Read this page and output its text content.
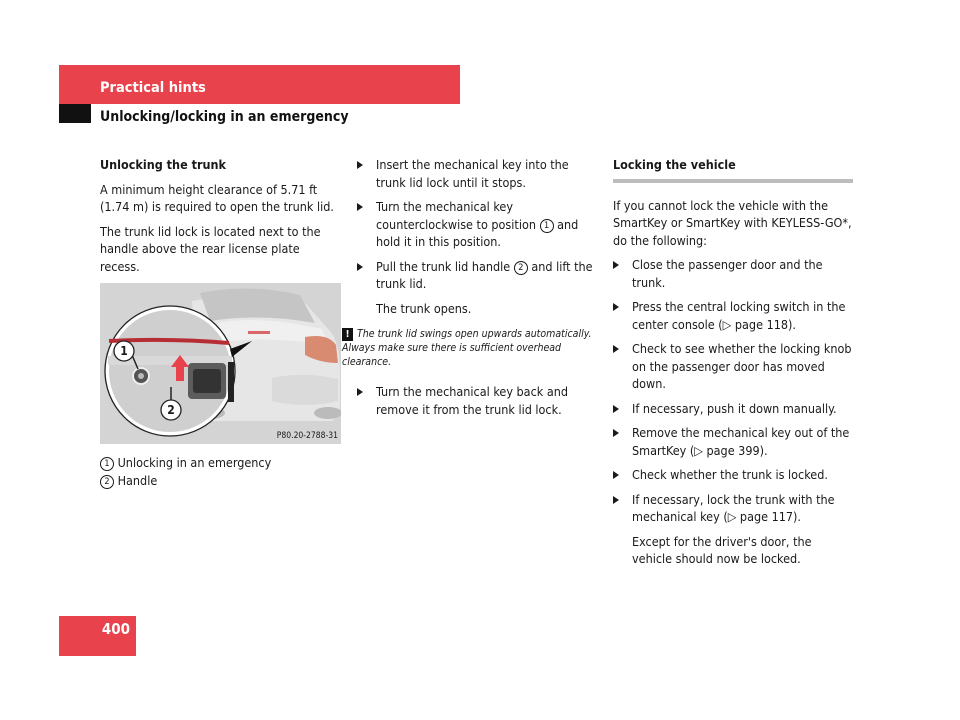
Practical hints
Unlocking/locking in an emergency
Unlocking the trunk

A minimum height clearance of 5.71 ft (1.74 m) is required to open the trunk lid.

The trunk lid lock is located next to the handle above the rear license plate recess.

1
2
P80.20-2788-31
1 Unlocking in an emergency
2 Handle
Insert the mechanical key into the trunk lid lock until it stops.
Turn the mechanical key counterclockwise to position 1 and hold it in this position.
Pull the trunk lid handle 2 and lift the trunk lid.
The trunk opens.
! The trunk lid swings open upwards automatically. Always make sure there is sufficient overhead clearance.
Turn the mechanical key back and remove it from the trunk lid lock.
Locking the vehicle

If you cannot lock the vehicle with the SmartKey or SmartKey with KEYLESS-GO*, do the following:

Close the passenger door and the trunk.
Press the central locking switch in the center console (▷ page 118).
Check to see whether the locking knob on the passenger door has moved down.
If necessary, push it down manually.
Remove the mechanical key out of the SmartKey (▷ page 399).
Check whether the trunk is locked.
If necessary, lock the trunk with the mechanical key (▷ page 117).
Except for the driver's door, the vehicle should now be locked.
400
